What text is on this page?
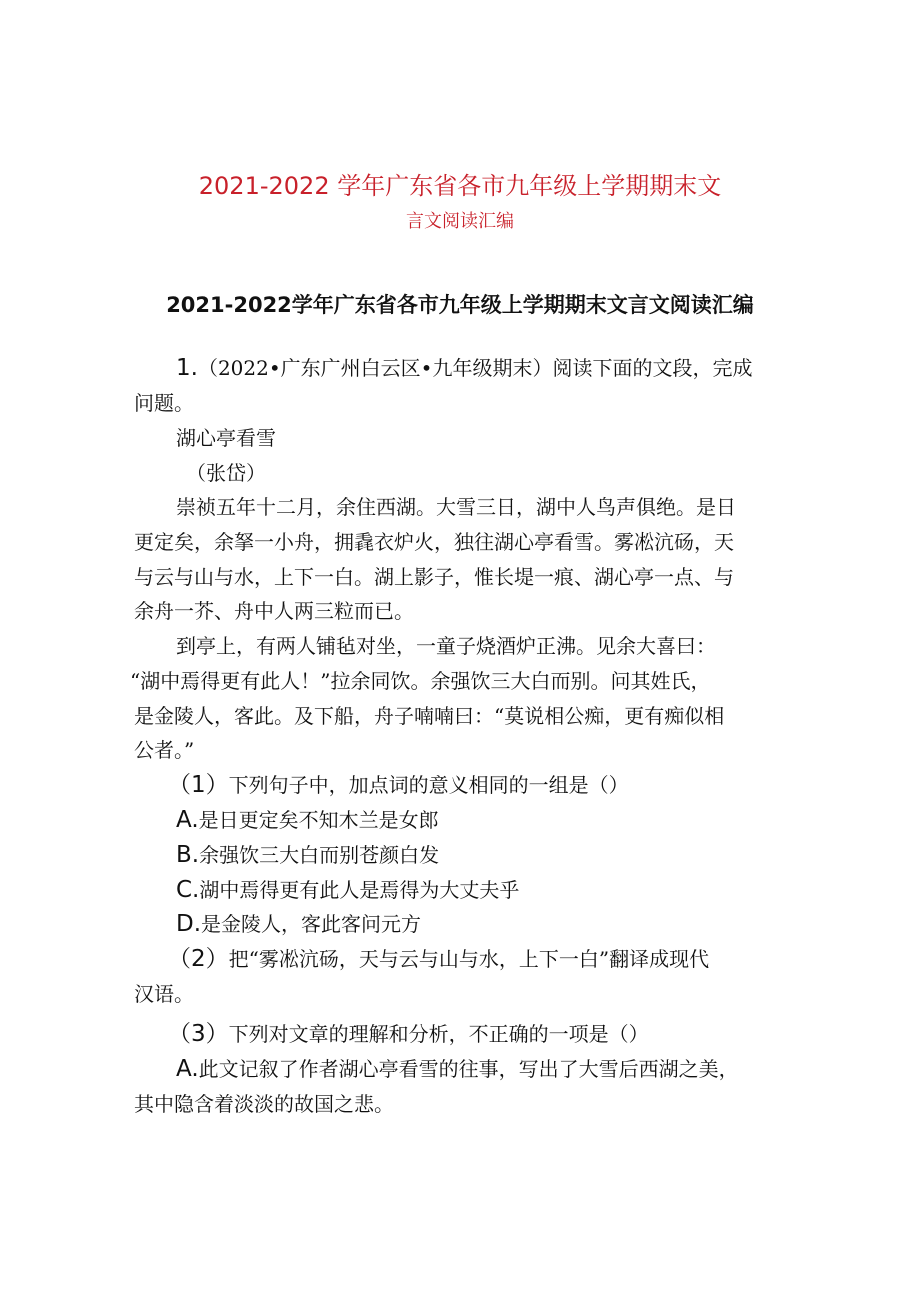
2021-2022 学年广东省各市九年级上学期期末文
言文阅读汇编
2021-2022学年广东省各市九年级上学期期末文言文阅读汇编
1.（2022•广东广州白云区•九年级期末）阅读下面的文段，完成
问题。
湖心亭看雪
（张岱）
崇祯五年十二月，余住西湖。大雪三日，湖中人鸟声俱绝。是日
更定矣，余拏一小舟，拥毳衣炉火，独往湖心亭看雪。雾凇沆砀，天
与云与山与水，上下一白。湖上影子，惟长堤一痕、湖心亭一点、与
余舟一芥、舟中人两三粒而已。
到亭上，有两人铺毡对坐，一童子烧酒炉正沸。见余大喜曰：
“湖中焉得更有此人！”拉余同饮。余强饮三大白而别。问其姓氏，
是金陵人，客此。及下船，舟子喃喃曰：“莫说相公痴，更有痴似相
公者。”
（1）下列句子中，加点词的意义相同的一组是（）
A.是日更定矣不知木兰是女郎
B.余强饮三大白而别苍颜白发
C.湖中焉得更有此人是焉得为大丈夫乎
D.是金陵人，客此客问元方
（2）把“雾凇沆砀，天与云与山与水，上下一白”翻译成现代
汉语。
（3）下列对文章的理解和分析，不正确的一项是（）
A.此文记叙了作者湖心亭看雪的往事，写出了大雪后西湖之美，
其中隐含着淡淡的故国之悲。
